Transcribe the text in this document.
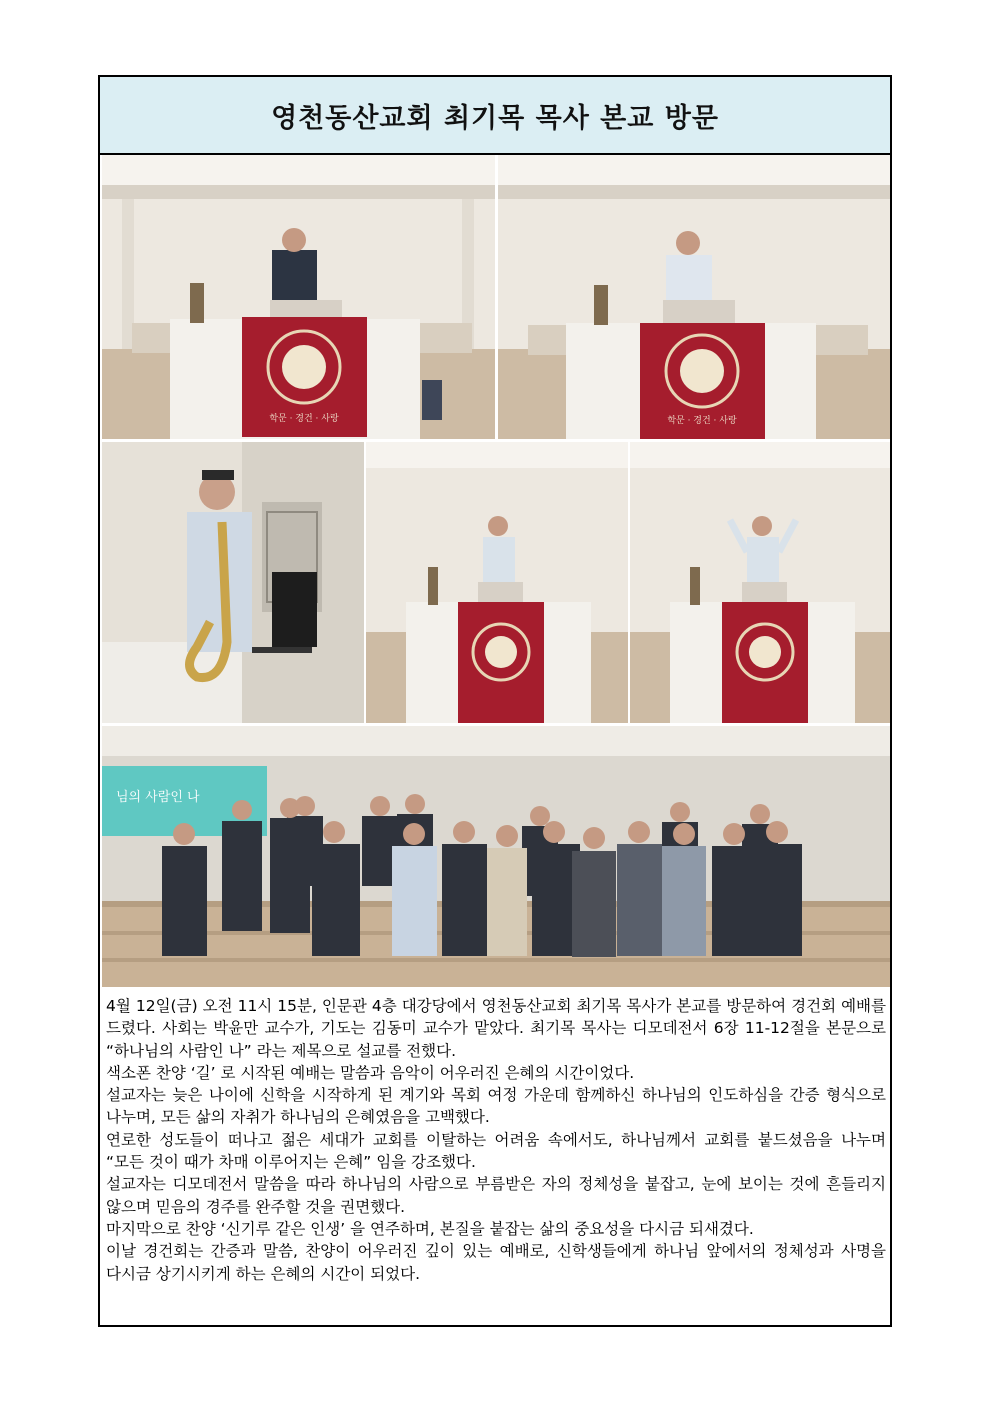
영천동산교회 최기목 목사 본교 방문
학문 · 경건 · 사랑	학문 · 경건 · 사랑
님의 사람인 나

4월 12일(금) 오전 11시 15분, 인문관 4층 대강당에서 영천동산교회 최기목 목사가 본교를 방문하여 경건회 예배를 드렸다. 사회는 박윤만 교수가, 기도는 김동미 교수가 맡았다. 최기목 목사는 디모데전서 6장 11-12절을 본문으로 “하나님의 사람인 나” 라는 제목으로 설교를 전했다.

색소폰 찬양 ‘길’ 로 시작된 예배는 말씀과 음악이 어우러진 은혜의 시간이었다.

설교자는 늦은 나이에 신학을 시작하게 된 계기와 목회 여정 가운데 함께하신 하나님의 인도하심을 간증 형식으로 나누며, 모든 삶의 자취가 하나님의 은혜였음을 고백했다.

연로한 성도들이 떠나고 젊은 세대가 교회를 이탈하는 어려움 속에서도, 하나님께서 교회를 붙드셨음을 나누며 “모든 것이 때가 차매 이루어지는 은혜” 임을 강조했다.

설교자는 디모데전서 말씀을 따라 하나님의 사람으로 부름받은 자의 정체성을 붙잡고, 눈에 보이는 것에 흔들리지 않으며 믿음의 경주를 완주할 것을 권면했다.

마지막으로 찬양 ‘신기루 같은 인생’ 을 연주하며, 본질을 붙잡는 삶의 중요성을 다시금 되새겼다.

이날 경건회는 간증과 말씀, 찬양이 어우러진 깊이 있는 예배로, 신학생들에게 하나님 앞에서의 정체성과 사명을 다시금 상기시키게 하는 은혜의 시간이 되었다.
